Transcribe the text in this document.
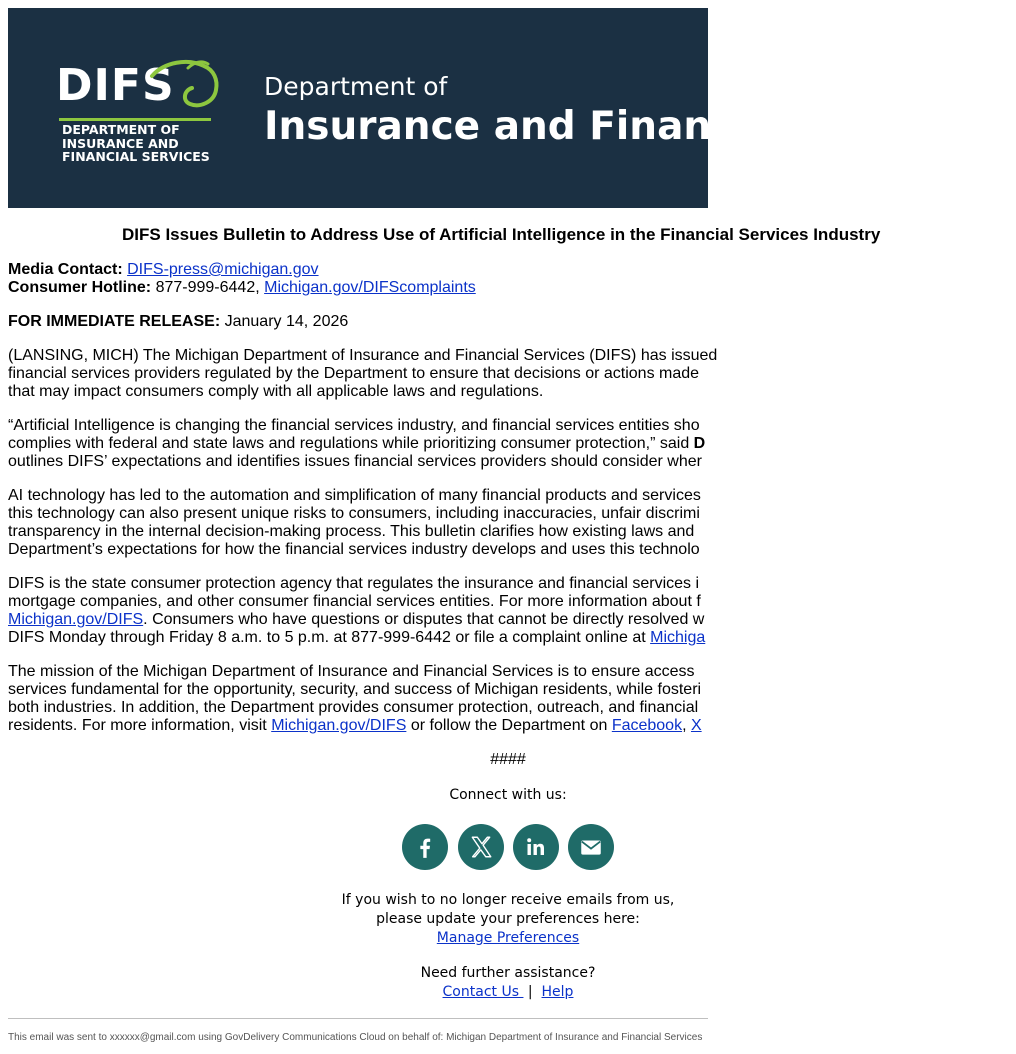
DIFS
DEPARTMENT OF
INSURANCE AND
FINANCIAL SERVICES
Department of
Insurance and Financial Services
DIFS Issues Bulletin to Address Use of Artificial Intelligence in the Financial Services Industry

Media Contact: DIFS-press@michigan.gov
Consumer Hotline: 877-999-6442, Michigan.gov/DIFScomplaints

FOR IMMEDIATE RELEASE: January 14, 2026

(LANSING, MICH) The Michigan Department of Insurance and Financial Services (DIFS) has issued
financial services providers regulated by the Department to ensure that decisions or actions made
that may impact consumers comply with all applicable laws and regulations.

“Artificial Intelligence is changing the financial services industry, and financial services entities sho
complies with federal and state laws and regulations while prioritizing consumer protection,” said D
outlines DIFS’ expectations and identifies issues financial services providers should consider wher

AI technology has led to the automation and simplification of many financial products and services
this technology can also present unique risks to consumers, including inaccuracies, unfair discrimi
transparency in the internal decision-making process. This bulletin clarifies how existing laws and
Department’s expectations for how the financial services industry develops and uses this technolo

DIFS is the state consumer protection agency that regulates the insurance and financial services i
mortgage companies, and other consumer financial services entities. For more information about f
Michigan.gov/DIFS. Consumers who have questions or disputes that cannot be directly resolved w
DIFS Monday through Friday 8 a.m. to 5 p.m. at 877-999-6442 or file a complaint online at Michiga

The mission of the Michigan Department of Insurance and Financial Services is to ensure access
services fundamental for the opportunity, security, and success of Michigan residents, while fosteri
both industries. In addition, the Department provides consumer protection, outreach, and financial
residents. For more information, visit Michigan.gov/DIFS or follow the Department on Facebook, X

####
Connect with us:
If you wish to no longer receive emails from us,
please update your preferences here:
Manage Preferences
Need further assistance?
Contact Us  | Help
This email was sent to xxxxxx@gmail.com using GovDelivery Communications Cloud on behalf of: Michigan Department of Insurance and Financial Services
